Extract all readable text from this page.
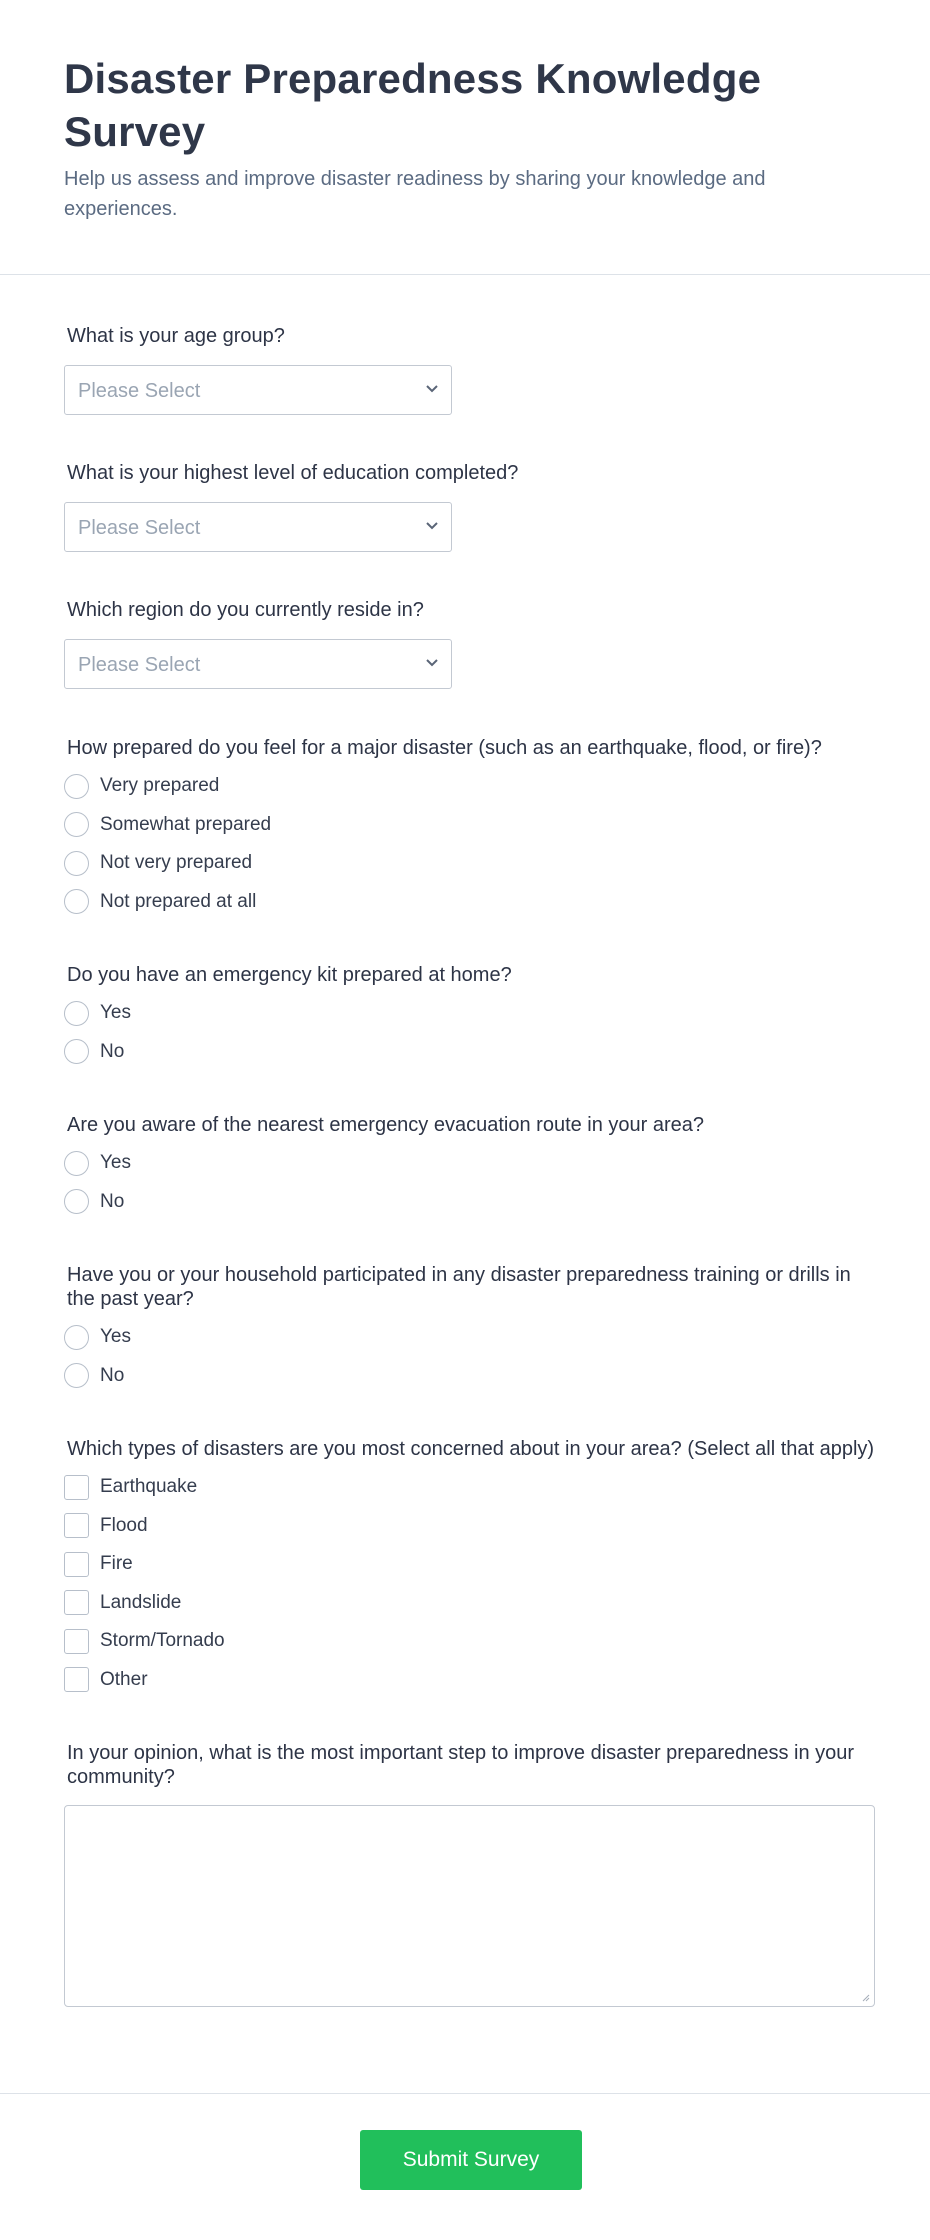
Disaster Preparedness Knowledge Survey

Help us assess and improve disaster readiness by sharing your knowledge and experiences.

What is your age group?
Please Select
What is your highest level of education completed?
Please Select
Which region do you currently reside in?
Please Select
How prepared do you feel for a major disaster (such as an earthquake, flood, or fire)?
Very prepared
Somewhat prepared
Not very prepared
Not prepared at all
Do you have an emergency kit prepared at home?
Yes
No
Are you aware of the nearest emergency evacuation route in your area?
Yes
No
Have you or your household participated in any disaster preparedness training or drills in the past year?
Yes
No
Which types of disasters are you most concerned about in your area? (Select all that apply)
Earthquake
Flood
Fire
Landslide
Storm/Tornado
Other
In your opinion, what is the most important step to improve disaster preparedness in your community?
Submit Survey
